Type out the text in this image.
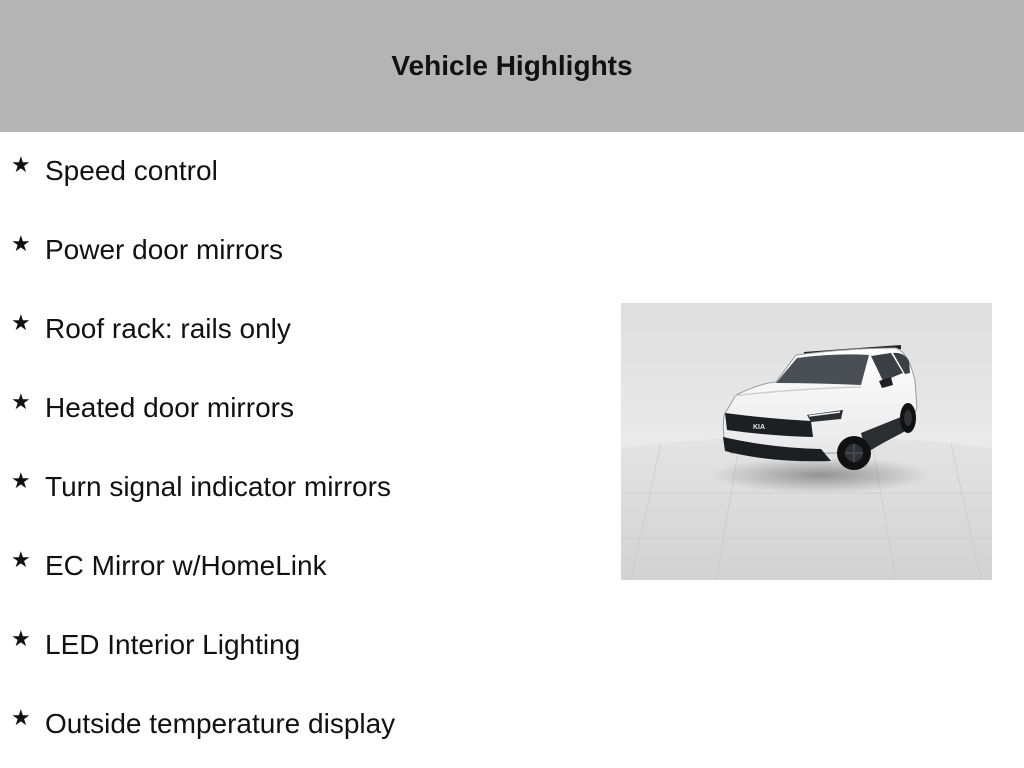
Vehicle Highlights
★ Speed control
★ Power door mirrors
★ Roof rack: rails only
★ Heated door mirrors
★ Turn signal indicator mirrors
★ EC Mirror w/HomeLink
★ LED Interior Lighting
★ Outside temperature display
KIA
